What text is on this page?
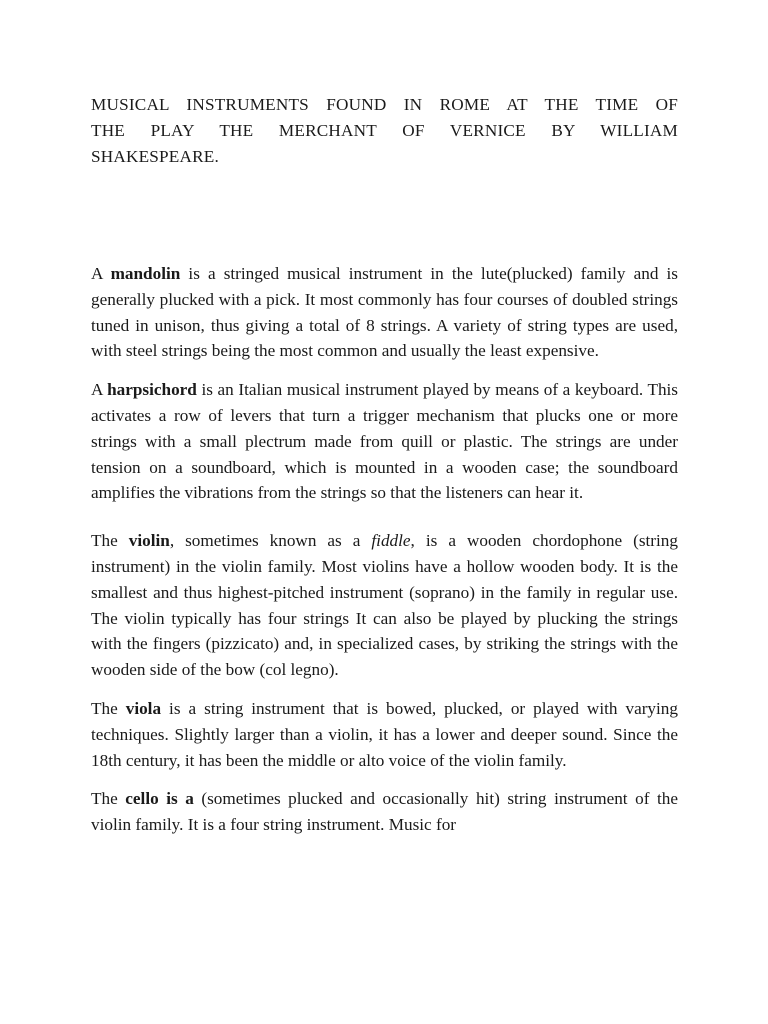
MUSICAL INSTRUMENTS FOUND IN ROME AT THE TIME OF
THE PLAY THE MERCHANT OF VERNICE BY WILLIAM
SHAKESPEARE.

A mandolin is a stringed musical instrument in the lute(plucked) family and is generally plucked with a pick. It most commonly has four courses of doubled strings tuned in unison, thus giving a total of 8 strings. A variety of string types are used, with steel strings being the most common and usually the least expensive.

A harpsichord is an Italian musical instrument played by means of a keyboard. This activates a row of levers that turn a trigger mechanism that plucks one or more strings with a small plectrum made from quill or plastic. The strings are under tension on a soundboard, which is mounted in a wooden case; the soundboard amplifies the vibrations from the strings so that the listeners can hear it.

The violin, sometimes known as a fiddle, is a wooden chordophone (string instrument) in the violin family. Most violins have a hollow wooden body. It is the smallest and thus highest-pitched instrument (soprano) in the family in regular use. The violin typically has four strings It can also be played by plucking the strings with the fingers (pizzicato) and, in specialized cases, by striking the strings with the wooden side of the bow (col legno).

The viola is a string instrument that is bowed, plucked, or played with varying techniques. Slightly larger than a violin, it has a lower and deeper sound. Since the 18th century, it has been the middle or alto voice of the violin family.

The cello is a (sometimes plucked and occasionally hit) string instrument of the violin family. It is a four string instrument. Music for
